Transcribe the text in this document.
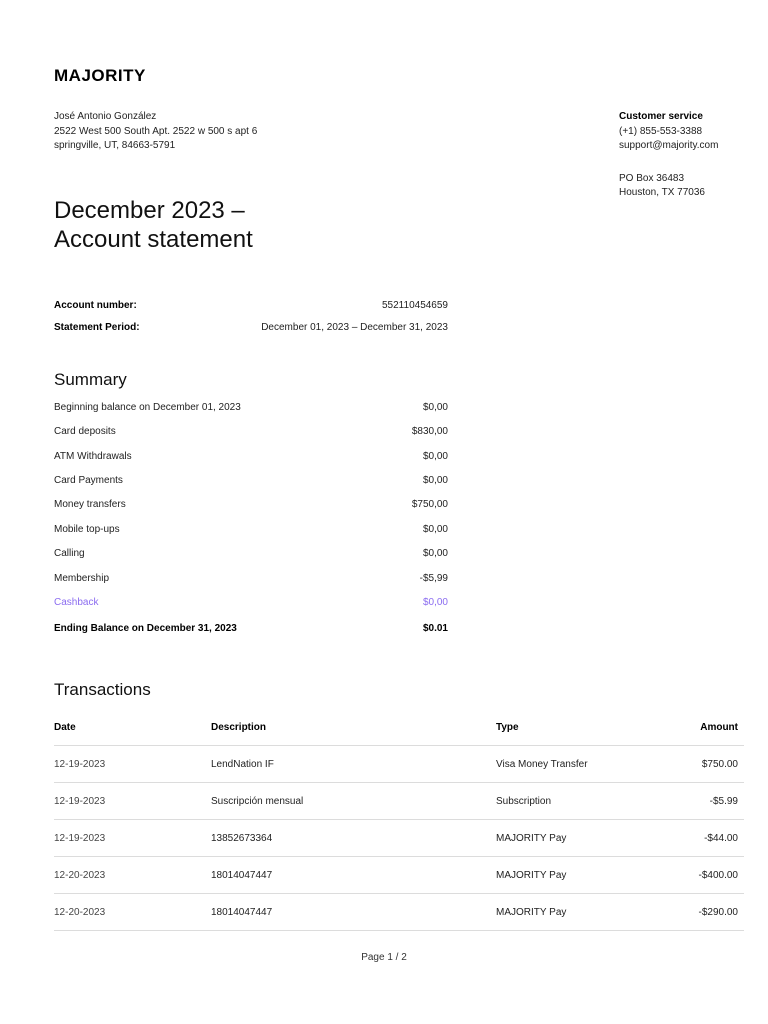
MAJORITY
José Antonio González
2522 West 500 South Apt. 2522 w 500 s apt 6
springville, UT, 84663-5791
Customer service
(+1) 855-553-3388
support@majority.com
PO Box 36483
Houston, TX 77036
December 2023 –
Account statement
Account number:	552110454659
Statement Period:	December 01, 2023 – December 31, 2023
Summary
Beginning balance on December 01, 2023	$0,00
Card deposits	$830,00
ATM Withdrawals	$0,00
Card Payments	$0,00
Money transfers	$750,00
Mobile top-ups	$0,00
Calling	$0,00
Membership	-$5,99
Cashback	$0,00
Ending Balance on December 31, 2023	$0.01
Transactions
Date	Description	Type	Amount
12-19-2023	LendNation IF	Visa Money Transfer	$750.00
12-19-2023	Suscripción mensual	Subscription	-$5.99
12-19-2023	13852673364	MAJORITY Pay	-$44.00
12-20-2023	18014047447	MAJORITY Pay	-$400.00
12-20-2023	18014047447	MAJORITY Pay	-$290.00
Page 1 / 2
